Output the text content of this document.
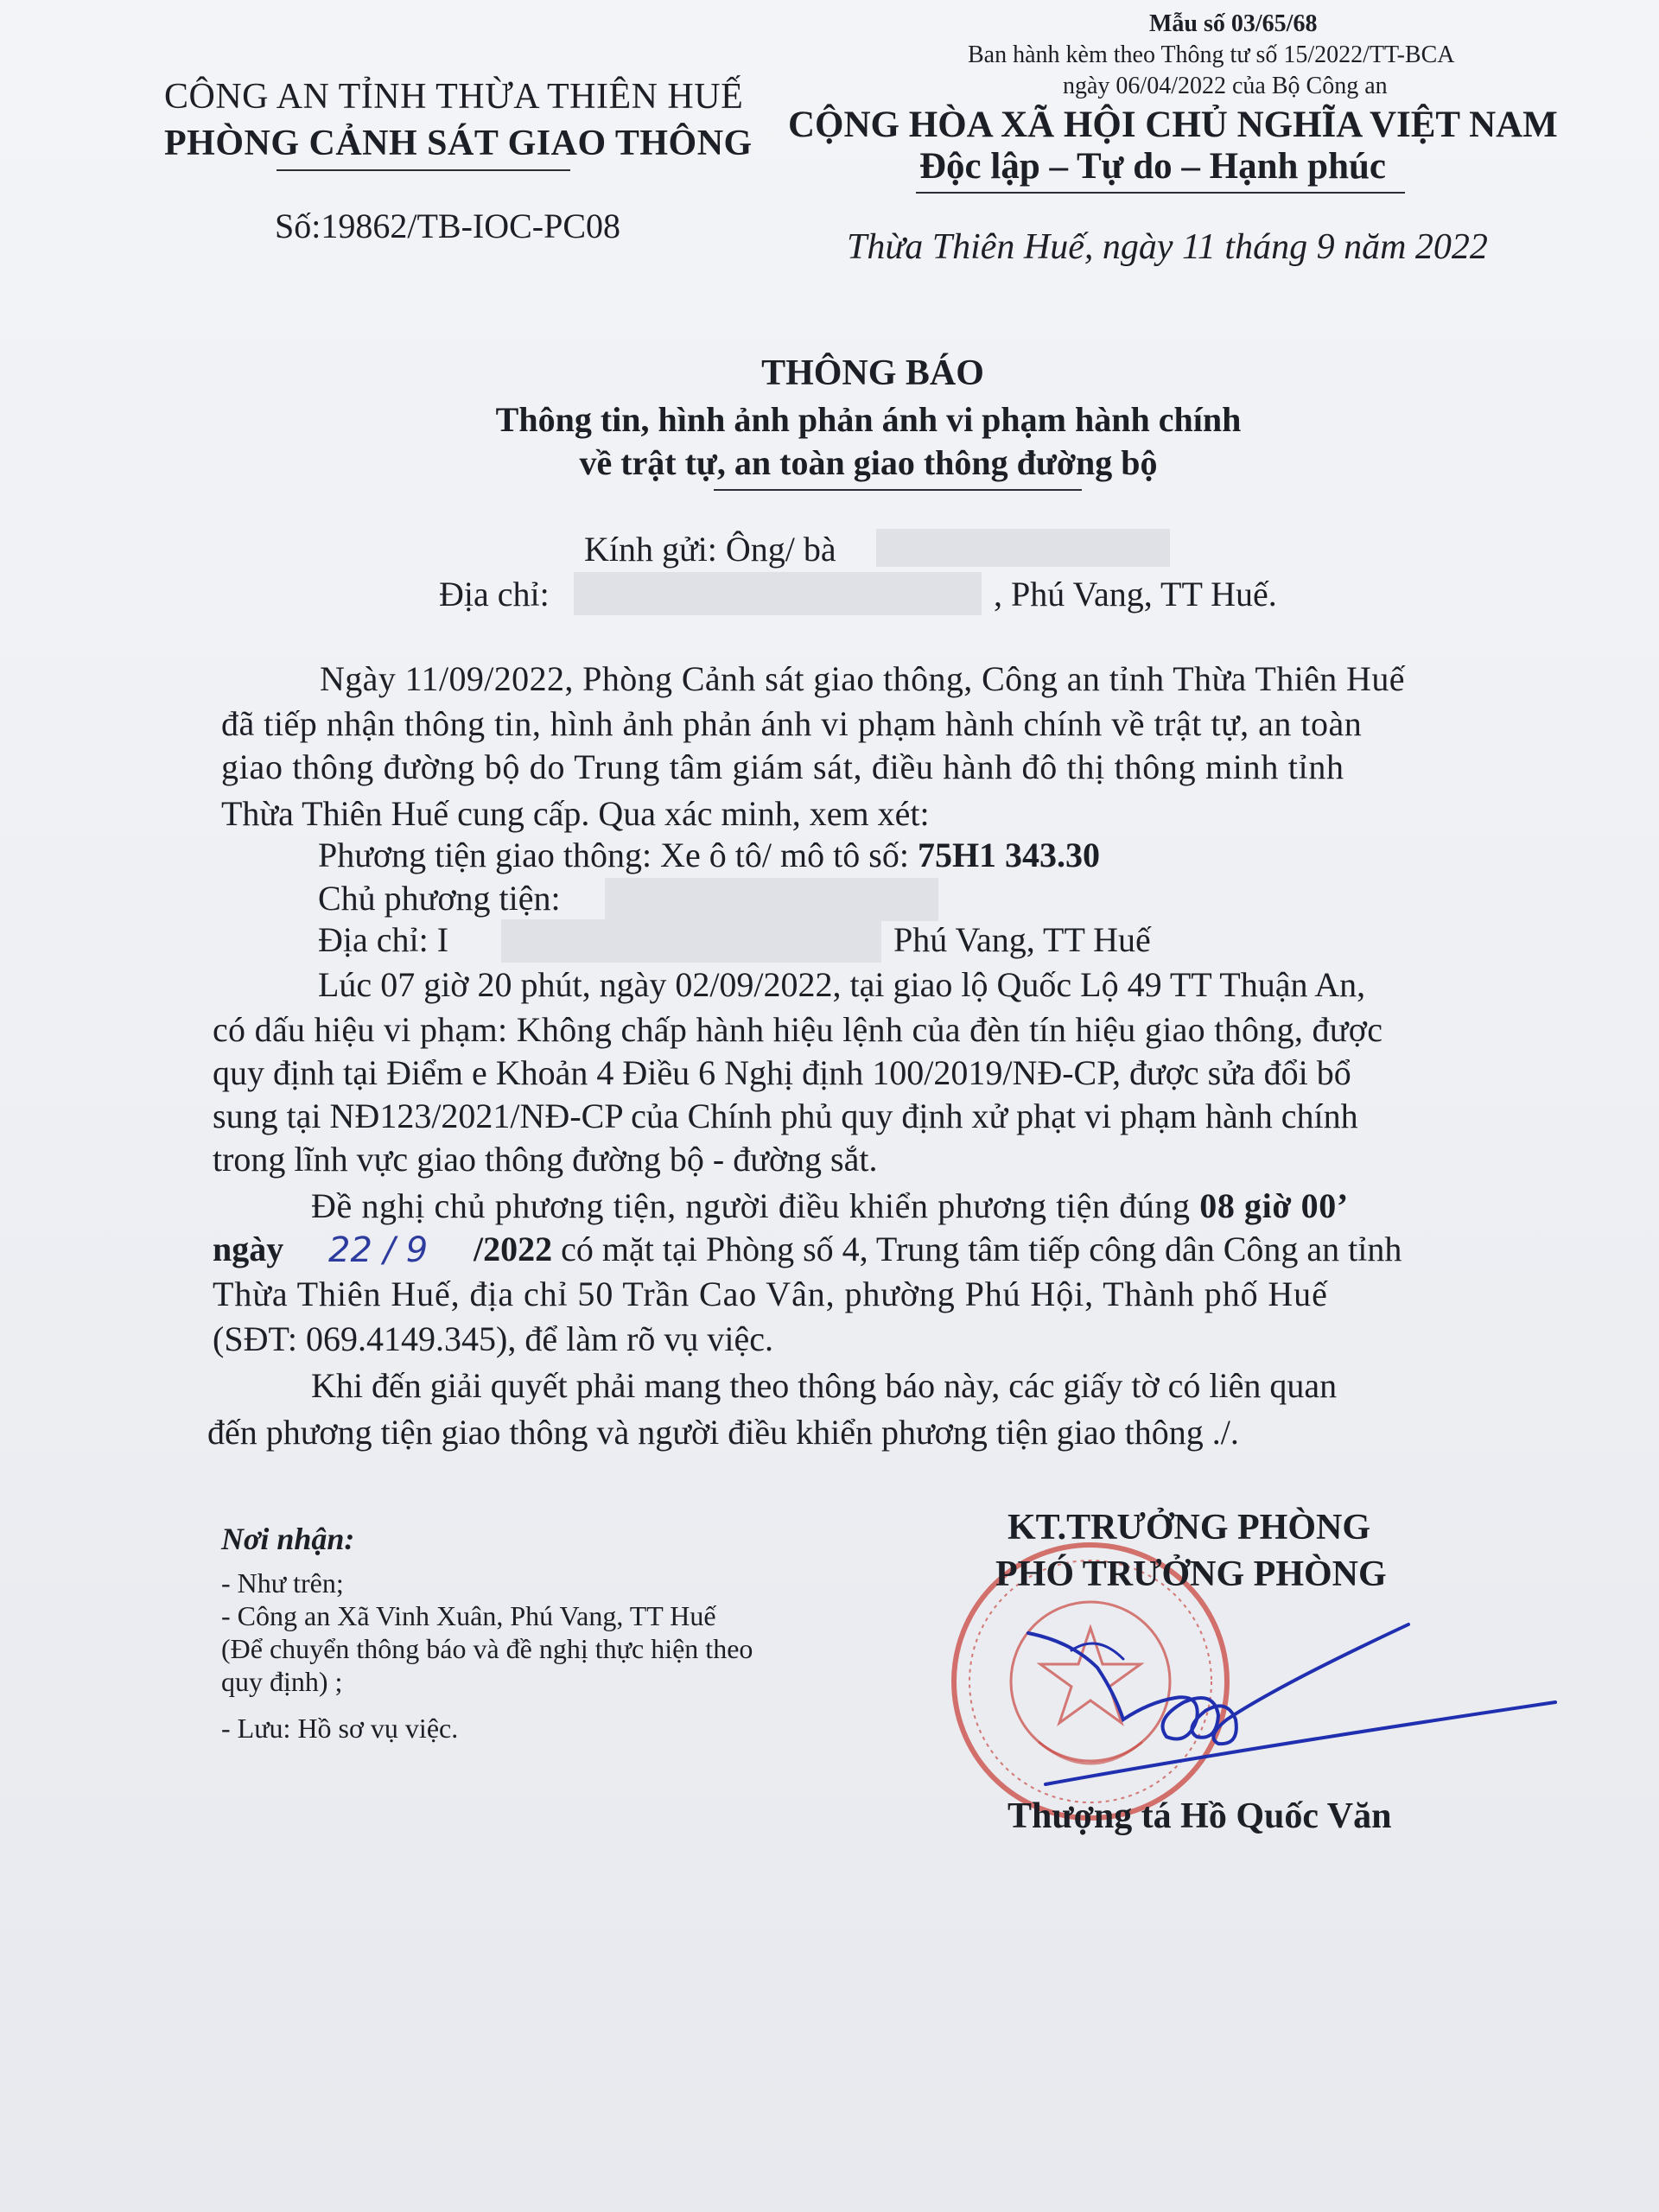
Mẫu số 03/65/68
Ban hành kèm theo Thông tư số 15/2022/TT-BCA
ngày 06/04/2022 của Bộ Công an
CÔNG AN TỈNH THỪA THIÊN HUẾ
PHÒNG CẢNH SÁT GIAO THÔNG
Số:19862/TB-IOC-PC08
CỘNG HÒA XÃ HỘI CHỦ NGHĨA VIỆT NAM
Độc lập – Tự do – Hạnh phúc
Thừa Thiên Huế, ngày 11 tháng 9 năm 2022
THÔNG BÁO
Thông tin, hình ảnh phản ánh vi phạm hành chính
về trật tự, an toàn giao thông đường bộ
Kính gửi: Ông/ bà
Địa chỉ:	, Phú Vang, TT Huế.
Ngày 11/09/2022, Phòng Cảnh sát giao thông, Công an tỉnh Thừa Thiên Huế
đã tiếp nhận thông tin, hình ảnh phản ánh vi phạm hành chính về trật tự, an toàn
giao thông đường bộ do Trung tâm giám sát, điều hành đô thị thông minh tỉnh
Thừa Thiên Huế cung cấp. Qua xác minh, xem xét:
Phương tiện giao thông: Xe ô tô/ mô tô số: 75H1 343.30
Chủ phương tiện:
Địa chỉ: I	Phú Vang, TT Huế
Lúc 07 giờ 20 phút, ngày 02/09/2022, tại giao lộ Quốc Lộ 49 TT Thuận An,
có dấu hiệu vi phạm: Không chấp hành hiệu lệnh của đèn tín hiệu giao thông, được
quy định tại Điểm e Khoản 4 Điều 6 Nghị định 100/2019/NĐ-CP, được sửa đổi bổ
sung tại NĐ123/2021/NĐ-CP của Chính phủ quy định xử phạt vi phạm hành chính
trong lĩnh vực giao thông đường bộ - đường sắt.
Đề nghị chủ phương tiện, người điều khiển phương tiện đúng 08 giờ 00’
ngày 22 / 9 /2022 có mặt tại Phòng số 4, Trung tâm tiếp công dân Công an tỉnh
Thừa Thiên Huế, địa chỉ 50 Trần Cao Vân, phường Phú Hội, Thành phố Huế
(SĐT: 069.4149.345), để làm rõ vụ việc.
Khi đến giải quyết phải mang theo thông báo này, các giấy tờ có liên quan
đến phương tiện giao thông và người điều khiển phương tiện giao thông ./.
Nơi nhận:
- Như trên;
- Công an Xã Vinh Xuân, Phú Vang, TT Huế
(Để chuyển thông báo và đề nghị thực hiện theo
quy định) ;
- Lưu: Hồ sơ vụ việc.
KT.TRƯỞNG PHÒNG
PHÓ TRƯỞNG PHÒNG
Thượng tá Hồ Quốc Văn
